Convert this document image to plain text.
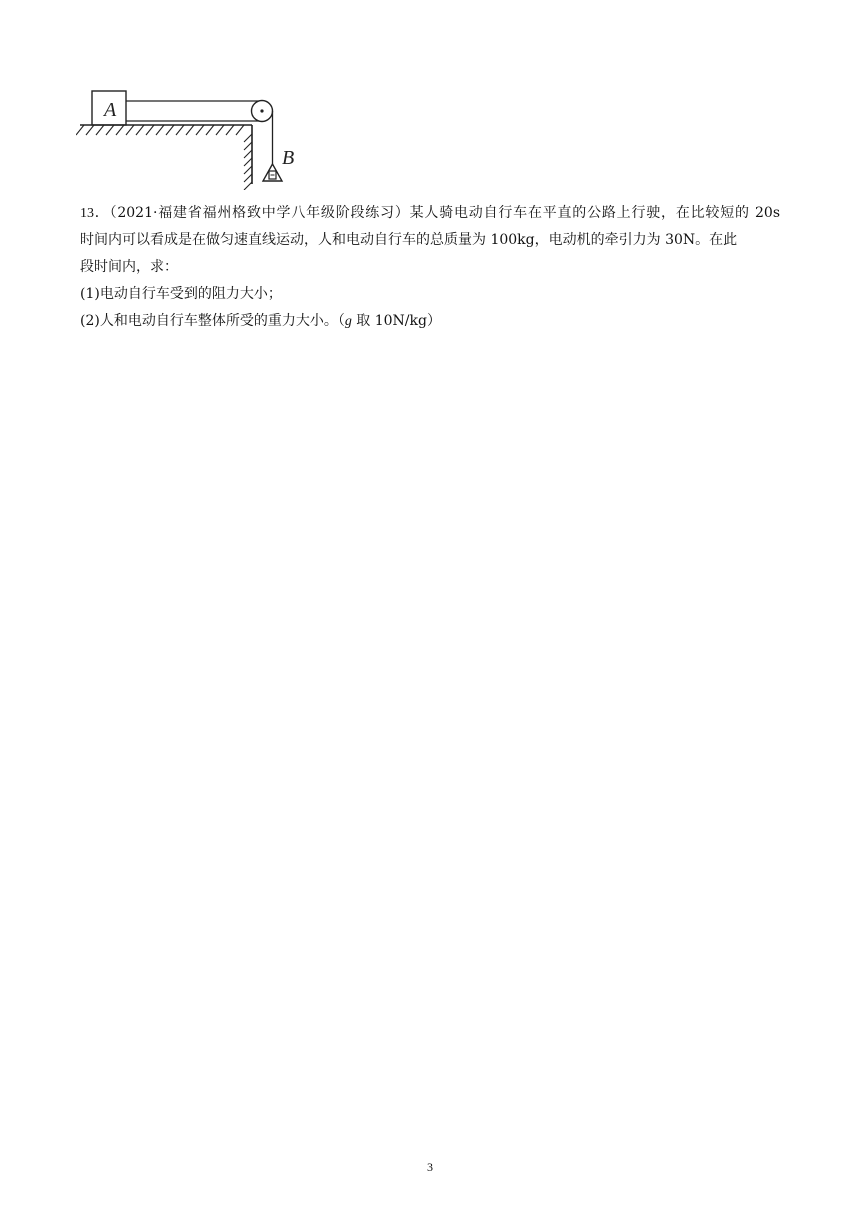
A
B

13．（2021·福建省福州格致中学八年级阶段练习）某人骑电动自行车在平直的公路上行驶，在比较短的 20s

时间内可以看成是在做匀速直线运动，人和电动自行车的总质量为 100kg，电动机的牵引力为 30N。在此

段时间内，求：

(1)电动自行车受到的阻力大小；

(2)人和电动自行车整体所受的重力大小。（g 取 10N/kg）

3
